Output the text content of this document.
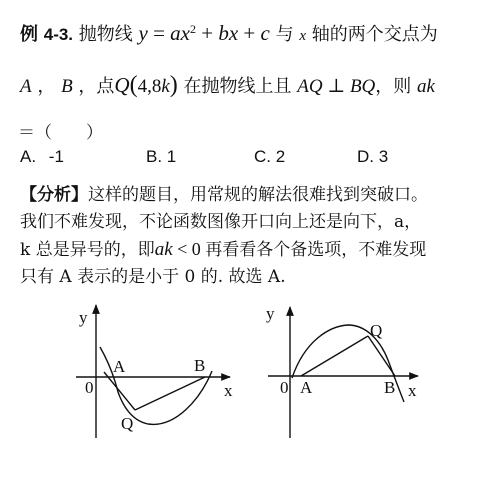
例 4-3. 抛物线 $y = ax^2$ + bx + c 与 x 轴的两个交点为
A ， B ，点Q(4,8k) 在抛物线上且 AQ ⊥ BQ，则 ak
＝（　　）
A. -1	B. 1	C. 2	D. 3
【分析】这样的题目，用常规的解法很难找到突破口。
我们不难发现，不论函数图像开口向上还是向下，a，
k 总是异号的，即ak < 0 再看看各个备选项，不难发现
只有 A 表示的是小于 0 的. 故选 A.
y
x
0
A	B
Q
y
x
0 A	B
Q
